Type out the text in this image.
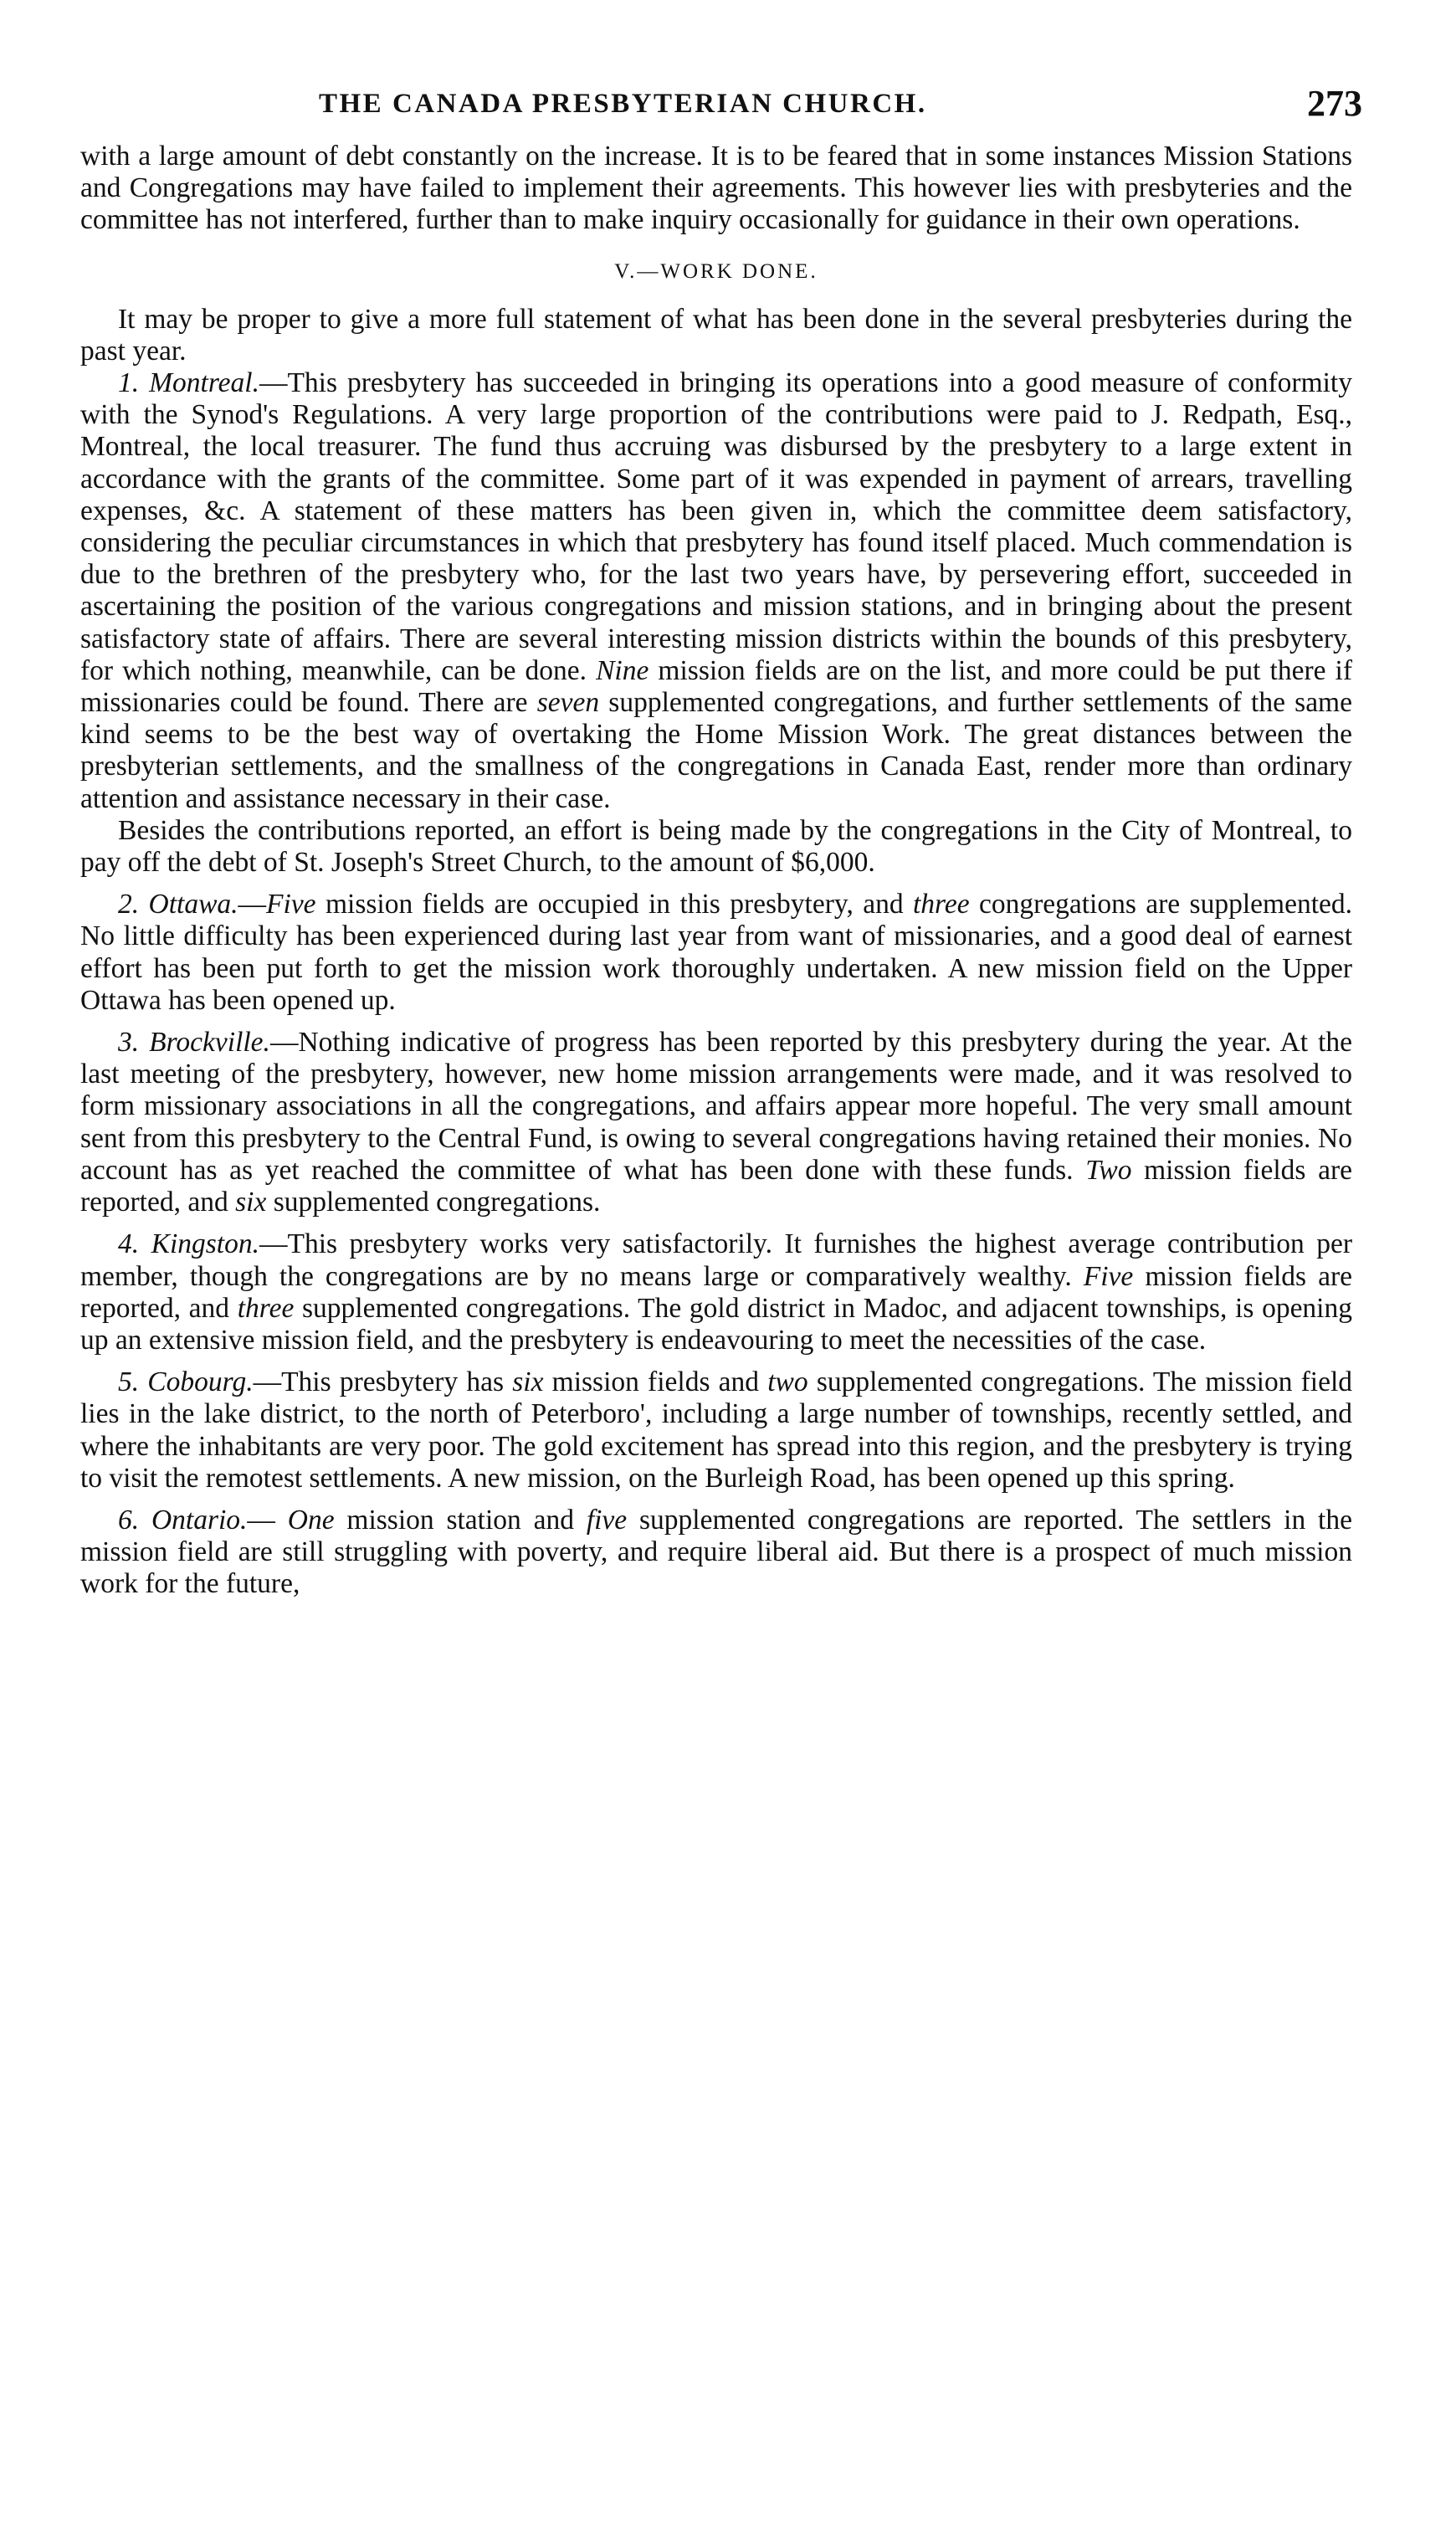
THE CANADA PRESBYTERIAN CHURCH.	273

with a large amount of debt constantly on the increase. It is to be feared that in some instances Mission Stations and Congregations may have failed to implement their agreements. This however lies with presbyteries and the committee has not interfered, further than to make inquiry occasionally for guidance in their own operations.

V.—WORK DONE.

It may be proper to give a more full statement of what has been done in the several presbyteries during the past year.

1. Montreal.—This presbytery has succeeded in bringing its operations into a good measure of conformity with the Synod's Regulations. A very large proportion of the contributions were paid to J. Redpath, Esq., Montreal, the local treasurer. The fund thus accruing was disbursed by the presbytery to a large extent in accordance with the grants of the committee. Some part of it was expended in payment of arrears, travelling expenses, &c. A statement of these matters has been given in, which the committee deem satisfactory, considering the peculiar circumstances in which that presbytery has found itself placed. Much commendation is due to the brethren of the presbytery who, for the last two years have, by persevering effort, succeeded in ascertaining the position of the various congregations and mission stations, and in bringing about the present satisfactory state of affairs. There are several interesting mission districts within the bounds of this presbytery, for which nothing, meanwhile, can be done. Nine mission fields are on the list, and more could be put there if missionaries could be found. There are seven supplemented congregations, and further settlements of the same kind seems to be the best way of overtaking the Home Mission Work. The great distances between the presbyterian settlements, and the smallness of the congregations in Canada East, render more than ordinary attention and assistance necessary in their case.

Besides the contributions reported, an effort is being made by the congregations in the City of Montreal, to pay off the debt of St. Joseph's Street Church, to the amount of $6,000.

2. Ottawa.—Five mission fields are occupied in this presbytery, and three congregations are supplemented. No little difficulty has been experienced during last year from want of missionaries, and a good deal of earnest effort has been put forth to get the mission work thoroughly undertaken. A new mission field on the Upper Ottawa has been opened up.

3. Brockville.—Nothing indicative of progress has been reported by this presbytery during the year. At the last meeting of the presbytery, however, new home mission arrangements were made, and it was resolved to form missionary associations in all the congregations, and affairs appear more hopeful. The very small amount sent from this presbytery to the Central Fund, is owing to several congregations having retained their monies. No account has as yet reached the committee of what has been done with these funds. Two mission fields are reported, and six supplemented congregations.

4. Kingston.—This presbytery works very satisfactorily. It furnishes the highest average contribution per member, though the congregations are by no means large or comparatively wealthy. Five mission fields are reported, and three supplemented congregations. The gold district in Madoc, and adjacent townships, is opening up an extensive mission field, and the presbytery is endeavouring to meet the necessities of the case.

5. Cobourg.—This presbytery has six mission fields and two supplemented congregations. The mission field lies in the lake district, to the north of Peterboro', including a large number of townships, recently settled, and where the inhabitants are very poor. The gold excitement has spread into this region, and the presbytery is trying to visit the remotest settlements. A new mission, on the Burleigh Road, has been opened up this spring.

6. Ontario.— One mission station and five supplemented congregations are reported. The settlers in the mission field are still struggling with poverty, and require liberal aid. But there is a prospect of much mission work for the future,
